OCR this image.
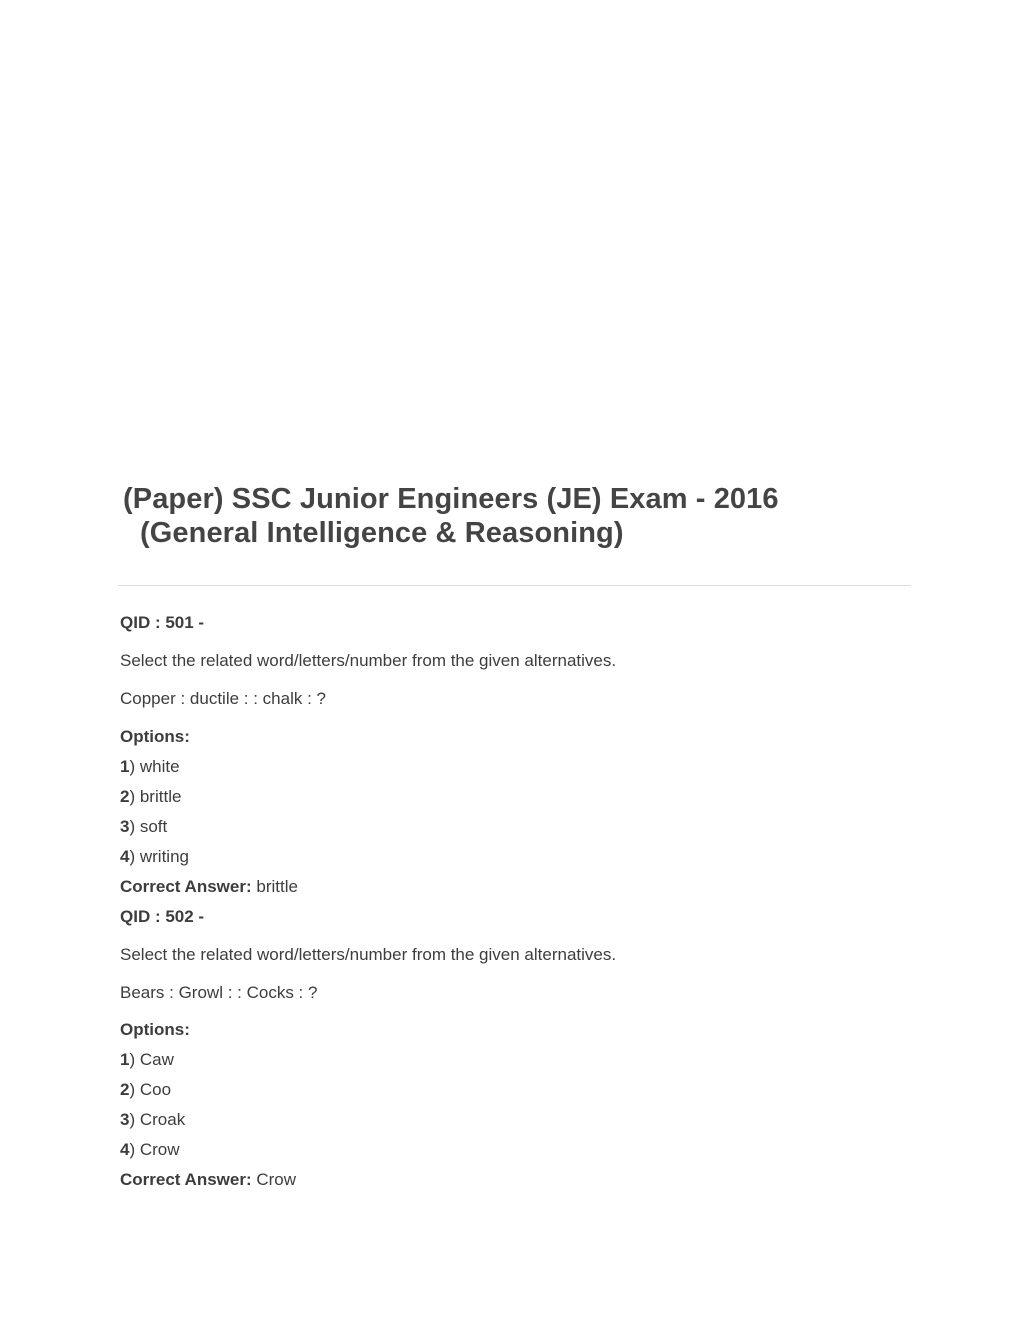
(Paper) SSC Junior Engineers (JE) Exam - 2016
(General Intelligence & Reasoning)
QID : 501 -
Select the related word/letters/number from the given alternatives.
Copper : ductile : : chalk : ?
Options:
1) white
2) brittle
3) soft
4) writing
Correct Answer: brittle
QID : 502 -
Select the related word/letters/number from the given alternatives.
Bears : Growl : : Cocks : ?
Options:
1) Caw
2) Coo
3) Croak
4) Crow
Correct Answer: Crow
